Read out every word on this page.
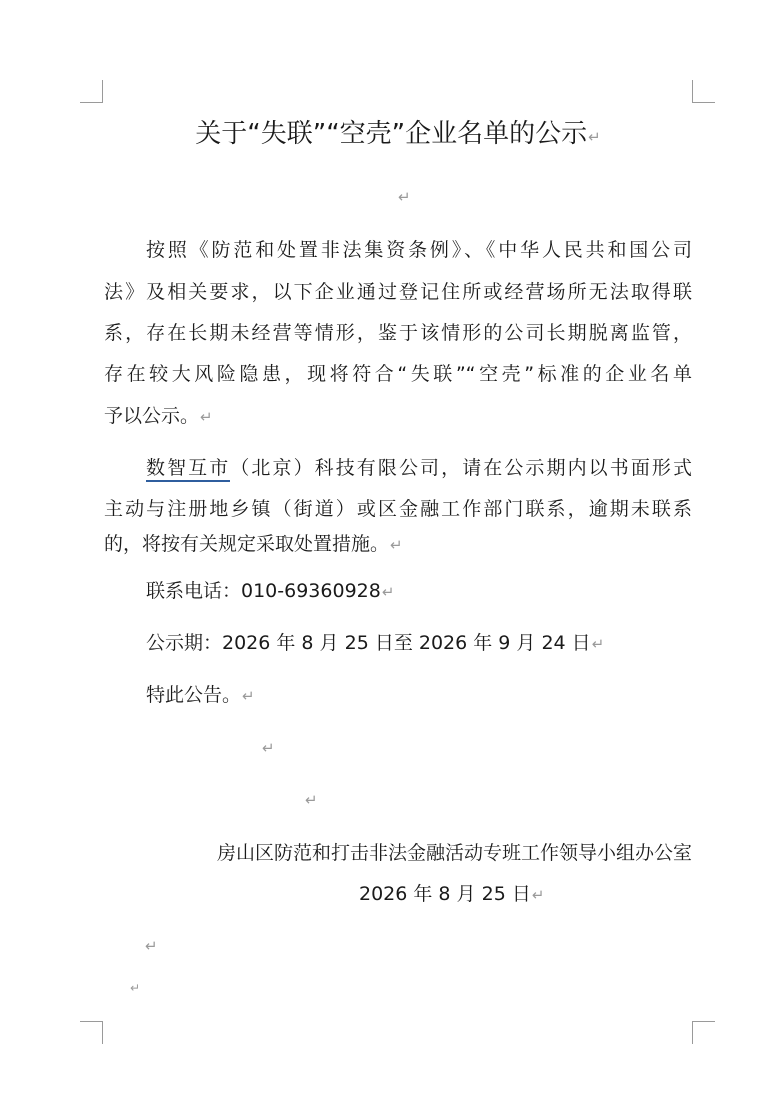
关于“失联”“空壳”企业名单的公示↵
↵
按照《防范和处置非法集资条例》、《中华人民共和国公司
法》及相关要求，以下企业通过登记住所或经营场所无法取得联
系，存在长期未经营等情形，鉴于该情形的公司长期脱离监管，
存在较大风险隐患，现将符合“失联”“空壳”标准的企业名单
予以公示。↵
数智互市（北京）科技有限公司，请在公示期内以书面形式
主动与注册地乡镇（街道）或区金融工作部门联系，逾期未联系
的，将按有关规定采取处置措施。↵
联系电话：010-69360928↵
公示期：2026 年 8 月 25 日至 2026 年 9 月 24 日↵
特此公告。↵
↵
↵
房山区防范和打击非法金融活动专班工作领导小组办公室
2026 年 8 月 25 日↵
↵
↵
